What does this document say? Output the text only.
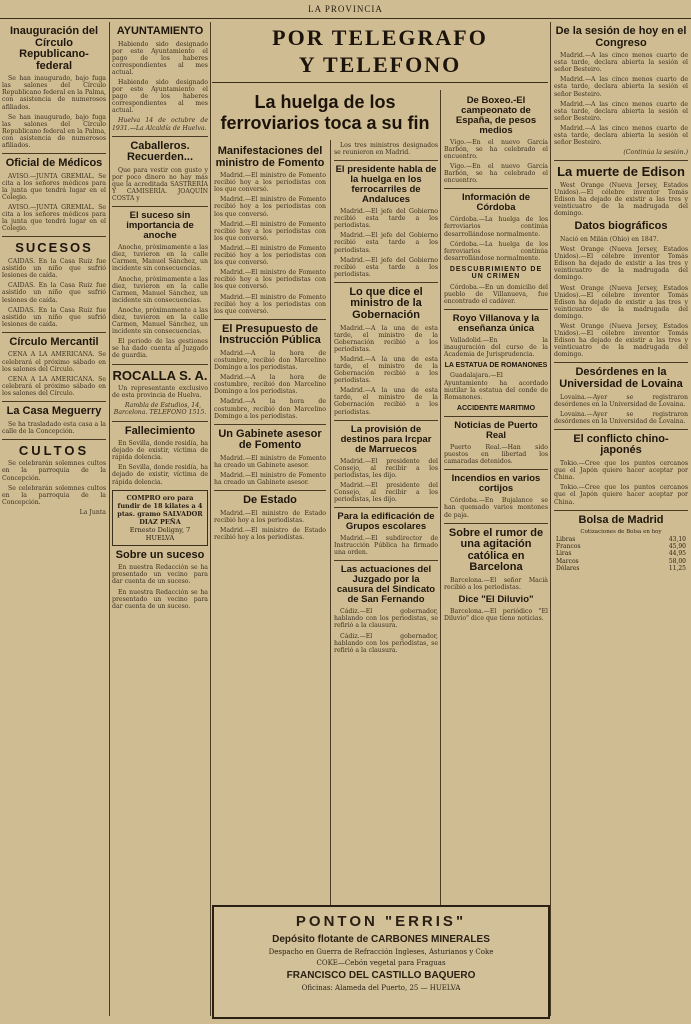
LA PROVINCIA
Inauguración del Círculo Republicano-federal

Se han inaugurado, bajo fuga las salones del Círculo Republicano federal en la Palma, con asistencia de numerosos afiliados.

Se han inaugurado, bajo fuga las salones del Círculo Republicano federal en la Palma, con asistencia de numerosos afiliados.

Oficial de Médicos

AVISO.—JUNTA GREMIAL. Se cita a los señores médicos para la junta que tendrá lugar en el Colegio.

AVISO.—JUNTA GREMIAL. Se cita a los señores médicos para la junta que tendrá lugar en el Colegio.

SUCESOS

CAIDAS. En la Casa Ruiz fue asistido un niño que sufrió lesiones de caída.

CAIDAS. En la Casa Ruiz fue asistido un niño que sufrió lesiones de caída.

CAIDAS. En la Casa Ruiz fue asistido un niño que sufrió lesiones de caída.

Círculo Mercantil

CENA A LA AMERICANA. Se celebrará el próximo sábado en los salones del Círculo.

CENA A LA AMERICANA. Se celebrará el próximo sábado en los salones del Círculo.

La Casa Meguerry

Se ha trasladado esta casa a la calle de la Concepción.

CULTOS

Se celebrarán solemnes cultos en la parroquia de la Concepción.

Se celebrarán solemnes cultos en la parroquia de la Concepción.

La Junta

AYUNTAMIENTO

Habiendo sido designado por este Ayuntamiento el pago de los haberes correspondientes al mes actual.

Habiendo sido designado por este Ayuntamiento el pago de los haberes correspondientes al mes actual.

Huelva 14 de octubre de 1931.—La Alcaldía de Huelva.

Caballeros. Recuerden...

Que para vestir con gusto y por poco dinero no hay más que la acreditada SASTRERÍA Y CAMISERÍA. JOAQUÍN COSTA y

El suceso sin importancia de anoche

Anoche, próximamente a las diez, tuvieron en la calle Carmen, Manuel Sánchez, un incidente sin consecuencias.

Anoche, próximamente a las diez, tuvieron en la calle Carmen, Manuel Sánchez, un incidente sin consecuencias.

Anoche, próximamente a las diez, tuvieron en la calle Carmen, Manuel Sánchez, un incidente sin consecuencias.

El periodo de las gestiones se ha dado cuenta al Juzgado de guardia.

ROCALLA S. A.

Un representante exclusivo de esta provincia de Huelva.

Rambla de Estudios, 14, Barcelona. TELEFONO 1515.

Fallecimiento

En Sevilla, donde residía, ha dejado de existir, víctima de rápida dolencia.

En Sevilla, donde residía, ha dejado de existir, víctima de rápida dolencia.

COMPRO oro para fundir de 18 kilates a 4 ptas. gramo SALVADOR DIAZ PEÑA
Ernesto Deligny, 7 HUELVA
Sobre un suceso

En nuestra Redacción se ha presentado un vecino para dar cuenta de un suceso.

En nuestra Redacción se ha presentado un vecino para dar cuenta de un suceso.

POR TELEGRAFO
Y TELEFONO
La huelga de los ferroviarios toca a su fin
Manifestaciones del ministro de Fomento

Madrid.—El ministro de Fomento recibió hoy a los periodistas con los que conversó.

Madrid.—El ministro de Fomento recibió hoy a los periodistas con los que conversó.

Madrid.—El ministro de Fomento recibió hoy a los periodistas con los que conversó.

Madrid.—El ministro de Fomento recibió hoy a los periodistas con los que conversó.

Madrid.—El ministro de Fomento recibió hoy a los periodistas con los que conversó.

Madrid.—El ministro de Fomento recibió hoy a los periodistas con los que conversó.

El Presupuesto de Instrucción Pública

Madrid.—A la hora de costumbre, recibió don Marcelino Domingo a los periodistas.

Madrid.—A la hora de costumbre, recibió don Marcelino Domingo a los periodistas.

Madrid.—A la hora de costumbre, recibió don Marcelino Domingo a los periodistas.

Un Gabinete asesor de Fomento

Madrid.—El ministro de Fomento ha creado un Gabinete asesor.

Madrid.—El ministro de Fomento ha creado un Gabinete asesor.

De Estado

Madrid.—El ministro de Estado recibió hoy a los periodistas.

Madrid.—El ministro de Estado recibió hoy a los periodistas.

Los tres ministros designados se reunieron en Madrid.

El presidente habla de la huelga en los ferrocarriles de Andaluces

Madrid.—El jefe del Gobierno recibió esta tarde a los periodistas.

Madrid.—El jefe del Gobierno recibió esta tarde a los periodistas.

Madrid.—El jefe del Gobierno recibió esta tarde a los periodistas.

Lo que dice el ministro de la Gobernación

Madrid.—A la una de esta tarde, el ministro de la Gobernación recibió a los periodistas.

Madrid.—A la una de esta tarde, el ministro de la Gobernación recibió a los periodistas.

Madrid.—A la una de esta tarde, el ministro de la Gobernación recibió a los periodistas.

La provisión de destinos para Ircpar de Marruecos

Madrid.—El presidente del Consejo, al recibir a los periodistas, les dijo.

Madrid.—El presidente del Consejo, al recibir a los periodistas, les dijo.

Para la edificación de Grupos escolares

Madrid.—El subdirector de Instrucción Pública ha firmado una orden.

Las actuaciones del Juzgado por la causura del Sindicato de San Fernando

Cádiz.—El gobernador, hablando con los periodistas, se refirió a la clausura.

Cádiz.—El gobernador, hablando con los periodistas, se refirió a la clausura.

De Boxeo.-El campeonato de España, de pesos medios

Vigo.—En el nuevo García Barbón, se ha celebrado el encuentro.

Vigo.—En el nuevo García Barbón, se ha celebrado el encuentro.

Información de Córdoba

Córdoba.—La huelga de los ferroviarios continúa desarrollándose normalmente.

Córdoba.—La huelga de los ferroviarios continúa desarrollándose normalmente.

DESCUBRIMIENTO DE UN CRIMEN

Córdoba.—En un domicilio del pueblo de Villanueva, fue encontrado el cadáver.

Royo Villanova y la enseñanza única

Valladolid.—En la inauguración del curso de la Academia de Jurisprudencia.

LA ESTATUA DE ROMANONES

Guadalajara.—El Ayuntamiento ha acordado mutilar la estatua del conde de Romanones.

ACCIDENTE MARITIMO
Noticias de Puerto Real

Puerto Real.—Han sido puestos en libertad los camaradas detenidos.

Incendios en varios cortijos

Córdoba.—En Bujalance se han quemado varios montones de paja.

Sobre el rumor de una agitación católica en Barcelona

Barcelona.—El señor Macià recibió a los periodistas.

Dice "El Diluvio"

Barcelona.—El periódico "El Diluvio" dice que tiene noticias.

De la sesión de hoy en el Congreso

Madrid.—A las cinco menos cuarto de esta tarde, declara abierta la sesión el señor Besteiro.

Madrid.—A las cinco menos cuarto de esta tarde, declara abierta la sesión el señor Besteiro.

Madrid.—A las cinco menos cuarto de esta tarde, declara abierta la sesión el señor Besteiro.

Madrid.—A las cinco menos cuarto de esta tarde, declara abierta la sesión el señor Besteiro.

(Continúa la sesión.)

La muerte de Edison

West Orange (Nueva Jersey, Estados Unidos).—El célebre inventor Tomás Edison ha dejado de existir a las tres y veinticuatro de la madrugada del domingo.

Datos biográficos

Nació en Milán (Ohio) en 1847.

West Orange (Nueva Jersey, Estados Unidos).—El célebre inventor Tomás Edison ha dejado de existir a las tres y veinticuatro de la madrugada del domingo.

West Orange (Nueva Jersey, Estados Unidos).—El célebre inventor Tomás Edison ha dejado de existir a las tres y veinticuatro de la madrugada del domingo.

West Orange (Nueva Jersey, Estados Unidos).—El célebre inventor Tomás Edison ha dejado de existir a las tres y veinticuatro de la madrugada del domingo.

Desórdenes en la Universidad de Lovaina

Lovaina.—Ayer se registraron desórdenes en la Universidad de Lovaina.

Lovaina.—Ayer se registraron desórdenes en la Universidad de Lovaina.

El conflicto chino-japonés

Tokio.—Cree que los puntos cercanos que el Japón quiere hacer aceptar por China.

Tokio.—Cree que los puntos cercanos que el Japón quiere hacer aceptar por China.

Bolsa de Madrid
Cotizaciones de Bolsa en hoy
Libras	43,10
Francos	45,90
Liras	44,95
Marcos	58,00
Dólares	11,25
PONTON "ERRIS"
Depósito flotante de CARBONES MINERALES
Despacho en Guerra de Refracción Ingleses, Asturianos y Coke
COKE—Cebón vegetal para Fraguas
FRANCISCO DEL CASTILLO BAQUERO
Oficinas: Alameda del Puerto, 25 — HUELVA
